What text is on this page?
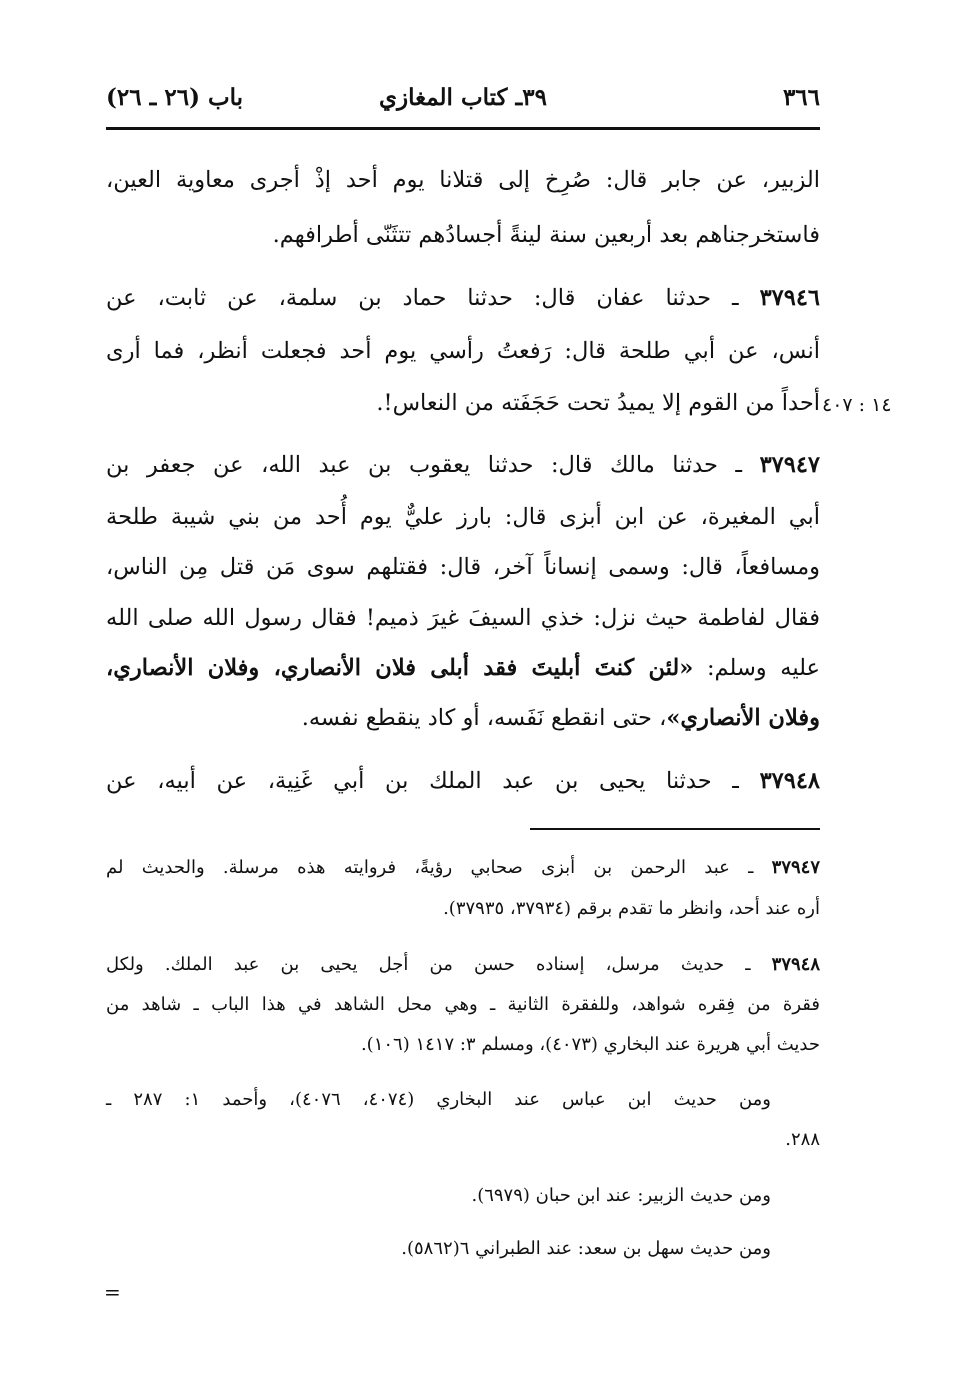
٣٦٦
٣٩ـ كتاب المغازي
باب (٢٦ ـ ٢٦)
الزبير، عن جابر قال: صُرِخ إلى قتلانا يوم أحد إذْ أجرى معاوية العين،
فاستخرجناهم بعد أربعين سنة لينةً أجسادُهم تتثَنّى أطرافهم.
٣٧٩٤٦ ـ حدثنا عفان قال: حدثنا حماد بن سلمة، عن ثابت، عن
أنس، عن أبي طلحة قال: رَفعتُ رأسي يوم أحد فجعلت أنظر، فما أرى
أحداً من القوم إلا يميدُ تحت حَجَفَته من النعاس!. ١٤ : ٤٠٧
٣٧٩٤٧ ـ حدثنا مالك قال: حدثنا يعقوب بن عبد الله، عن جعفر بن
أبي المغيرة، عن ابن أبزى قال: بارز عليٌّ يوم أُحد من بني شيبة طلحة
ومسافعاً، قال: وسمى إنساناً آخر، قال: فقتلهم سوى مَن قتل مِن الناس،
فقال لفاطمة حيث نزل: خذي السيفَ غيرَ ذميم! فقال رسول الله صلى الله
عليه وسلم: «لئن كنتَ أبليتَ فقد أبلى فلان الأنصاري، وفلان الأنصاري،
وفلان الأنصاري»، حتى انقطع نَفَسه، أو كاد ينقطع نفسه.
٣٧٩٤٨ ـ حدثنا يحيى بن عبد الملك بن أبي غَنِية، عن أبيه، عن
٣٧٩٤٧ ـ عبد الرحمن بن أبزى صحابي رؤيةً، فروايته هذه مرسلة. والحديث لم
أره عند أحد، وانظر ما تقدم برقم (٣٧٩٣٤، ٣٧٩٣٥).
٣٧٩٤٨ ـ حديث مرسل، إسناده حسن من أجل يحيى بن عبد الملك. ولكل
فقرة من فِقره شواهد، وللفقرة الثانية ـ وهي محل الشاهد في هذا الباب ـ شاهد من
حديث أبي هريرة عند البخاري (٤٠٧٣)، ومسلم ٣: ١٤١٧ (١٠٦).
ومن حديث ابن عباس عند البخاري (٤٠٧٤، ٤٠٧٦)، وأحمد ١: ٢٨٧ ـ
٢٨٨.
ومن حديث الزبير: عند ابن حبان (٦٩٧٩).
ومن حديث سهل بن سعد: عند الطبراني ٦(٥٨٦٢).
=
